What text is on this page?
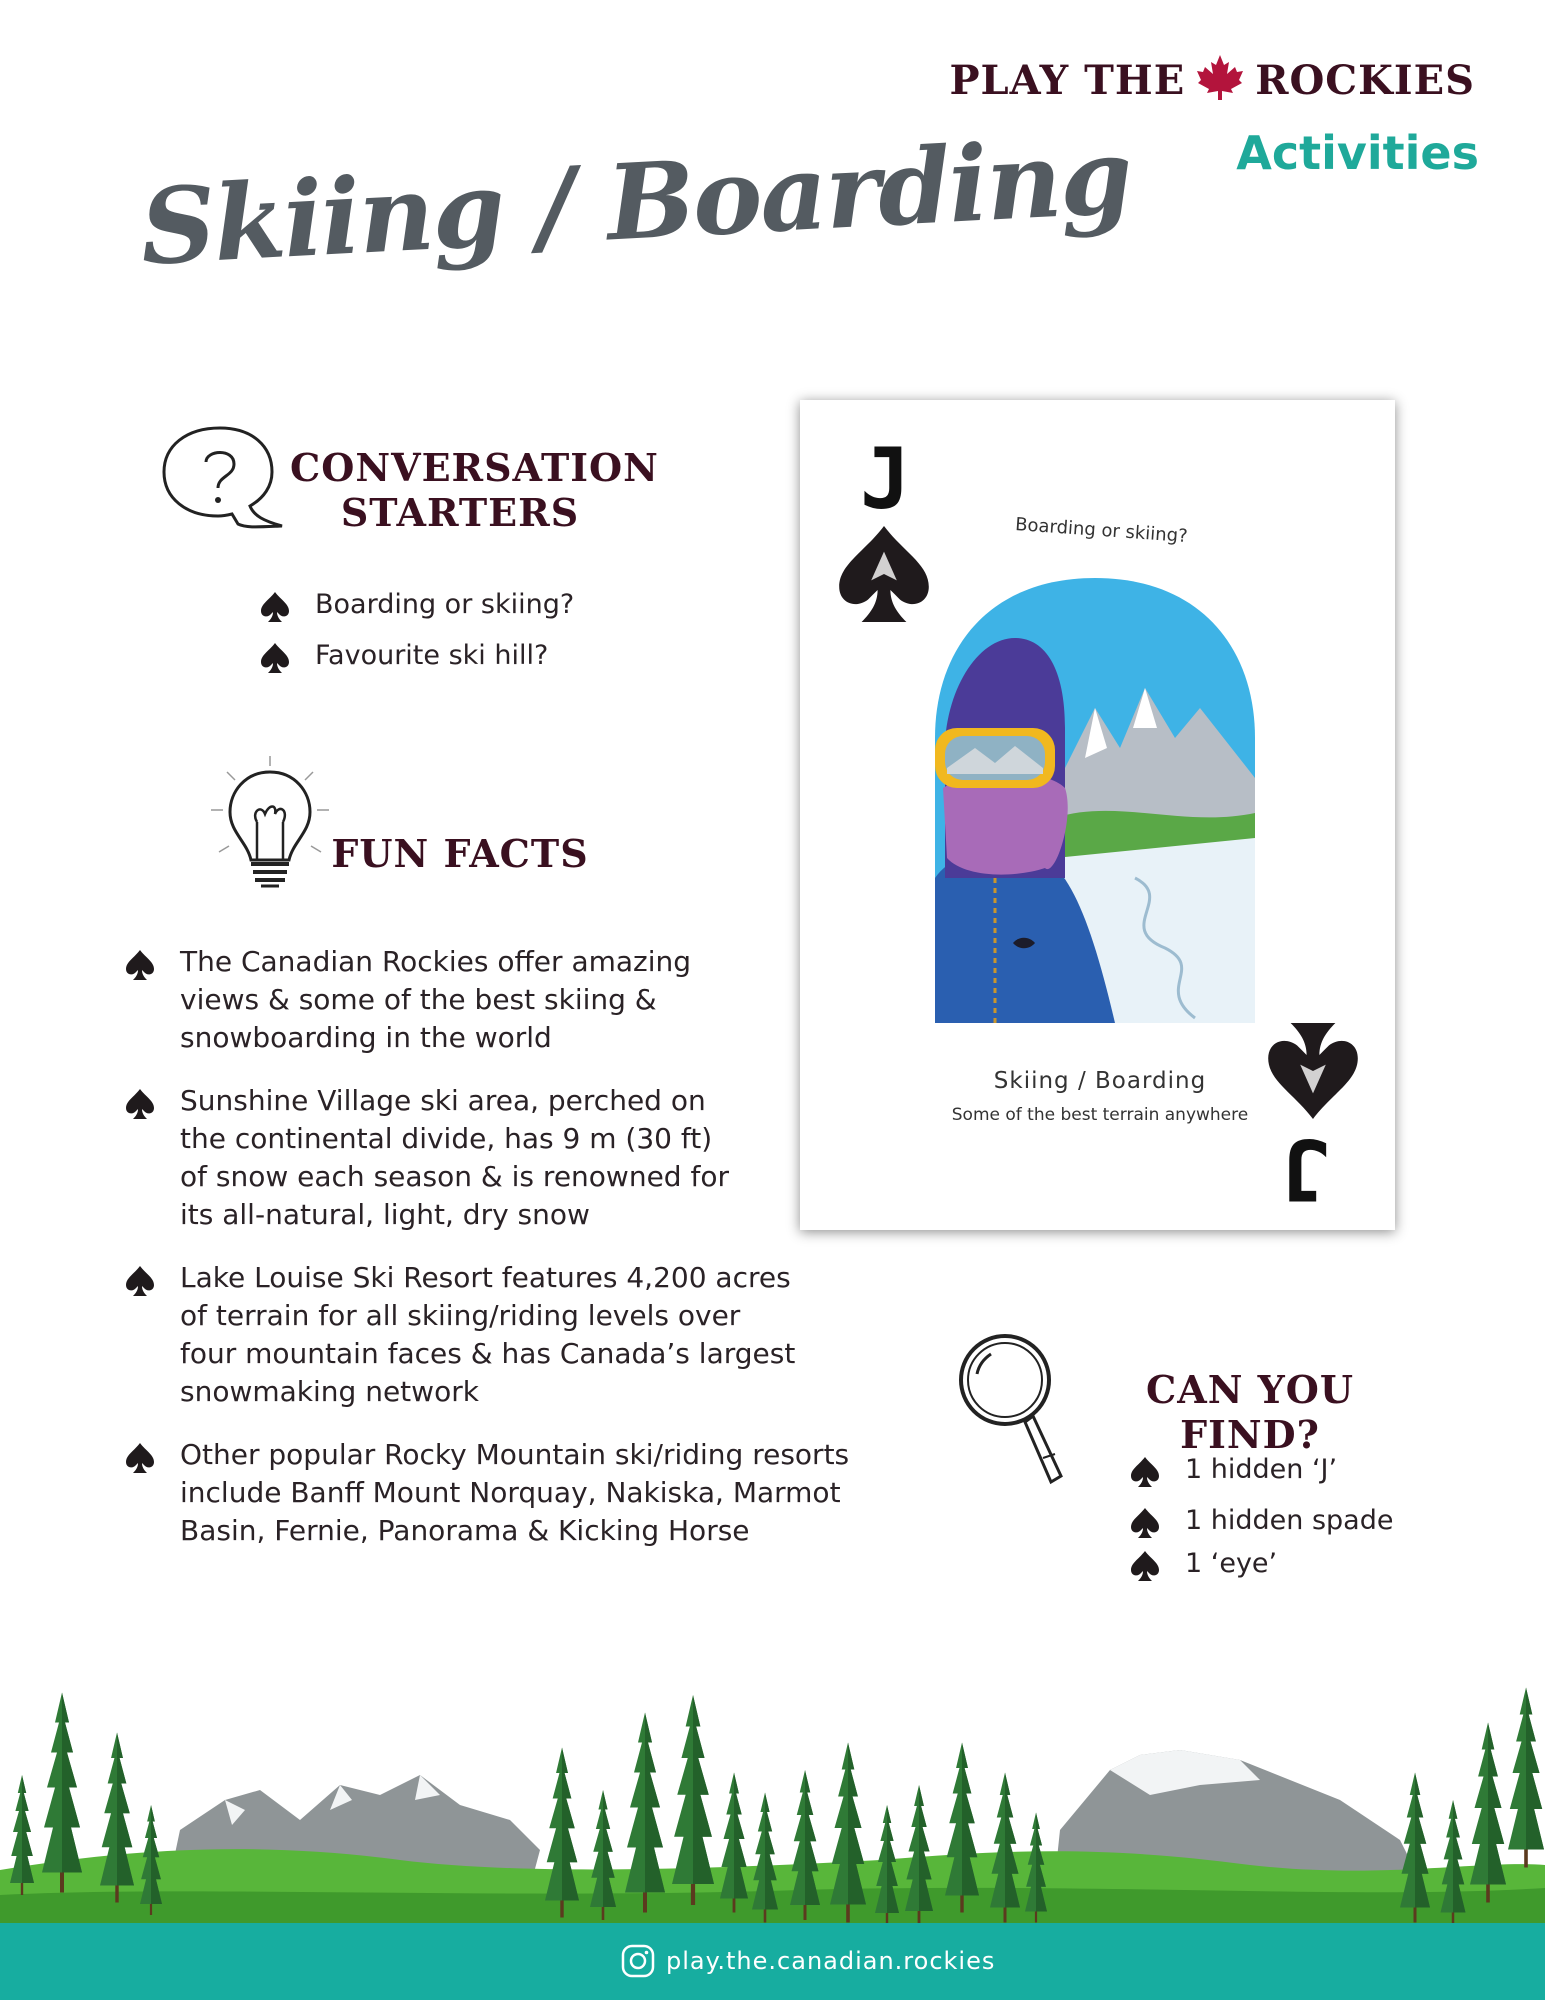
PLAY THE ROCKIES
Activities
Skiing / Boarding
CONVERSATION
STARTERS
Boarding or skiing?
Favourite ski hill?
FUN FACTS
The Canadian Rockies offer amazing
views & some of the best skiing &
snowboarding in the world
Sunshine Village ski area, perched on
the continental divide, has 9 m (30 ft)
of snow each season & is renowned for
its all-natural, light, dry snow
Lake Louise Ski Resort features 4,200 acres
of terrain for all skiing/riding levels over
four mountain faces & has Canada’s largest
snowmaking network
Other popular Rocky Mountain ski/riding resorts
include Banff Mount Norquay, Nakiska, Marmot
Basin, Fernie, Panorama & Kicking Horse
J
Boarding or skiing?
Skiing / Boarding
Some of the best terrain anywhere
J
CAN YOU FIND?
1 hidden ‘J’
1 hidden spade
1 ‘eye’
play.the.canadian.rockies
